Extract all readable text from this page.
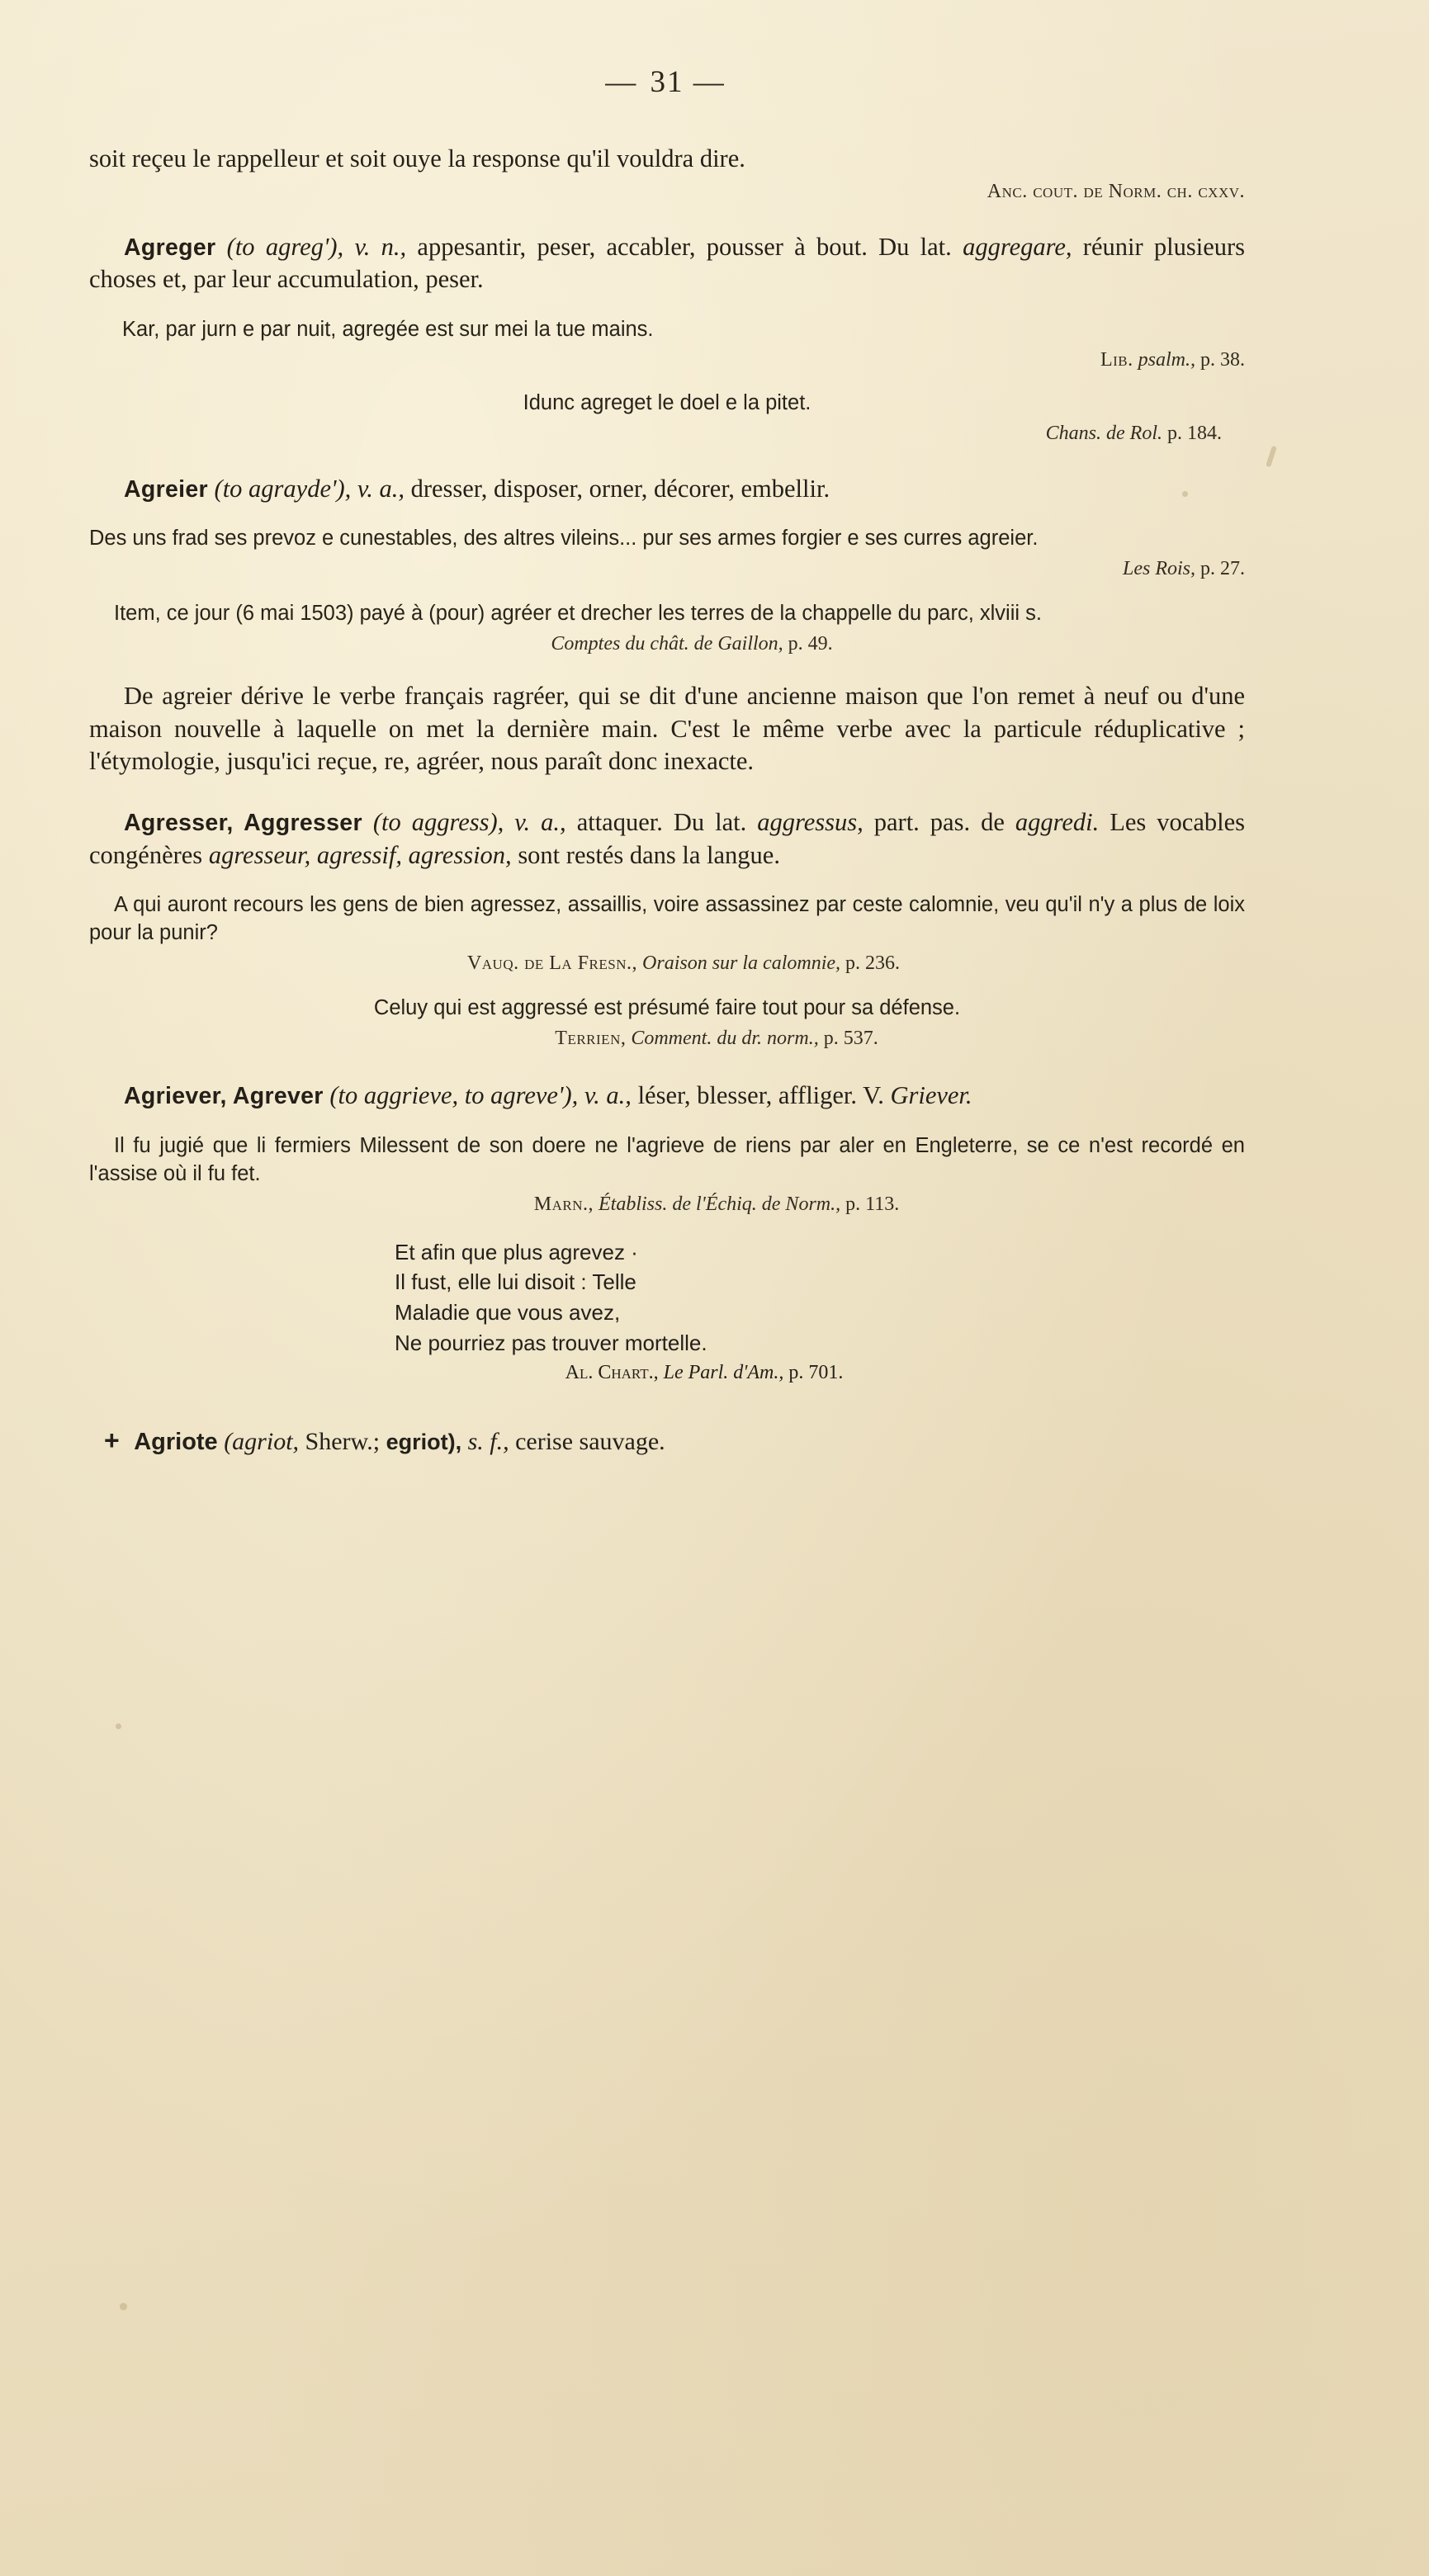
— 31 —

soit reçeu le rappelleur et soit ouye la response qu'il vouldra dire.

Anc. cout. de Norm. ch. cxxv.

Agreger (to agreg'), v. n., appesantir, peser, accabler, pousser à bout. Du lat. aggregare, réunir plusieurs choses et, par leur accumulation, peser.

Kar, par jurn e par nuit, agregée est sur mei la tue mains.

Lib. psalm., p. 38.

Idunc agreget le doel e la pitet.

Chans. de Rol. p. 184.

Agreier (to agrayde'), v. a., dresser, disposer, orner, décorer, embellir.

Des uns frad ses prevoz e cunestables, des altres vileins... pur ses armes forgier e ses curres agreier.

Les Rois, p. 27.

Item, ce jour (6 mai 1503) payé à (pour) agréer et drecher les terres de la chappelle du parc, xlviii s.

Comptes du chât. de Gaillon, p. 49.

De agreier dérive le verbe français ragréer, qui se dit d'une ancienne maison que l'on remet à neuf ou d'une maison nouvelle à laquelle on met la dernière main. C'est le même verbe avec la particule réduplicative ; l'étymologie, jusqu'ici reçue, re, agréer, nous paraît donc inexacte.

Agresser, Aggresser (to aggress), v. a., attaquer. Du lat. aggressus, part. pas. de aggredi. Les vocables congénères agresseur, agressif, agression, sont restés dans la langue.

A qui auront recours les gens de bien agressez, assaillis, voire assassinez par ceste calomnie, veu qu'il n'y a plus de loix pour la punir?

Vauq. de La Fresn., Oraison sur la calomnie, p. 236.

Celuy qui est aggressé est présumé faire tout pour sa défense.

Terrien, Comment. du dr. norm., p. 537.

Agriever, Agrever (to aggrieve, to agreve'), v. a., léser, blesser, affliger. V. Griever.

Il fu jugié que li fermiers Milessent de son doere ne l'agrieve de riens par aler en Engleterre, se ce n'est recordé en l'assise où il fu fet.

Marn., Établiss. de l'Échiq. de Norm., p. 113.

Et afin que plus agrevez ·
Il fust, elle lui disoit : Telle
Maladie que vous avez,
Ne pourriez pas trouver mortelle.

Al. Chart., Le Parl. d'Am., p. 701.

+ Agriote (agriot, Sherw.; egriot), s. f., cerise sauvage.
